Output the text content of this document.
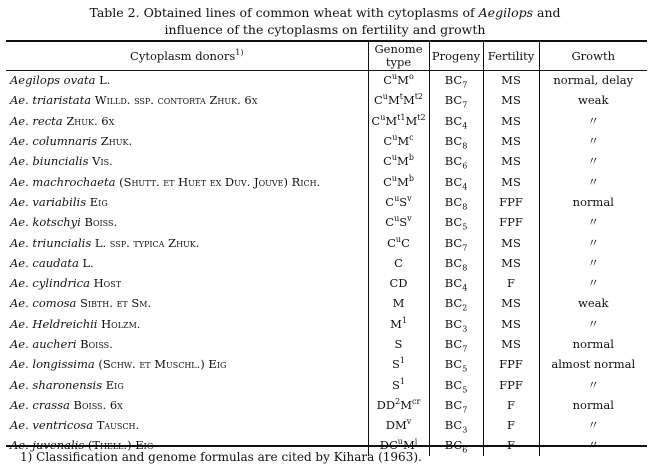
Table 2. Obtained lines of common wheat with cytoplasms of Aegilops and
influence of the cytoplasms on fertility and growth
Cytoplasm donors$^{1)}$	Genome
type	Progeny	Fertility	Growth
Aegilops ovata L.	$C^uM^o$	$BC_7$	MS	normal, delay
Ae. triaristata Willd. ssp. contorta Zhuk. 6x	$C^uM^tM^{t2}$	$BC_7$	MS	weak
Ae. recta Zhuk. 6x	$C^uM^{t1}M^{t2}$	$BC_4$	MS	〃
Ae. columnaris Zhuk.	$C^uM^c$	$BC_8$	MS	〃
Ae. biuncialis Vis.	$C^uM^b$	$BC_6$	MS	〃
Ae. machrochaeta (Shutt. et Huet ex Duv. Jouve) Rich.	$C^uM^b$	$BC_4$	MS	〃
Ae. variabilis Eig	$C^uS^v$	$BC_8$	FPF	normal
Ae. kotschyi Boiss.	$C^uS^v$	$BC_5$	FPF	〃
Ae. triuncialis L. ssp. typica Zhuk.	$C^uC$	$BC_7$	MS	〃
Ae. caudata L.	C	$BC_8$	MS	〃
Ae. cylindrica Host	CD	$BC_4$	F	〃
Ae. comosa Sibth. et Sm.	M	$BC_2$	MS	weak
Ae. Heldreichii Holzm.	$M^1$	$BC_3$	MS	〃
Ae. aucheri Boiss.	S	$BC_7$	MS	normal
Ae. longissima (Schw. et Muschl.) Eig	$S^1$	$BC_5$	FPF	almost normal
Ae. sharonensis Eig	$S^1$	$BC_5$	FPF	〃
Ae. crassa Boiss. 6x	$DD^2M^{cr}$	$BC_7$	F	normal
Ae. ventricosa Tausch.	$DM^v$	$BC_3$	F	〃
Ae. juvenalis (Thell.) Eig	$DC^uM^j$	$BC_6$	F	〃
1) Classification and genome formulas are cited by Kihara (1963).
